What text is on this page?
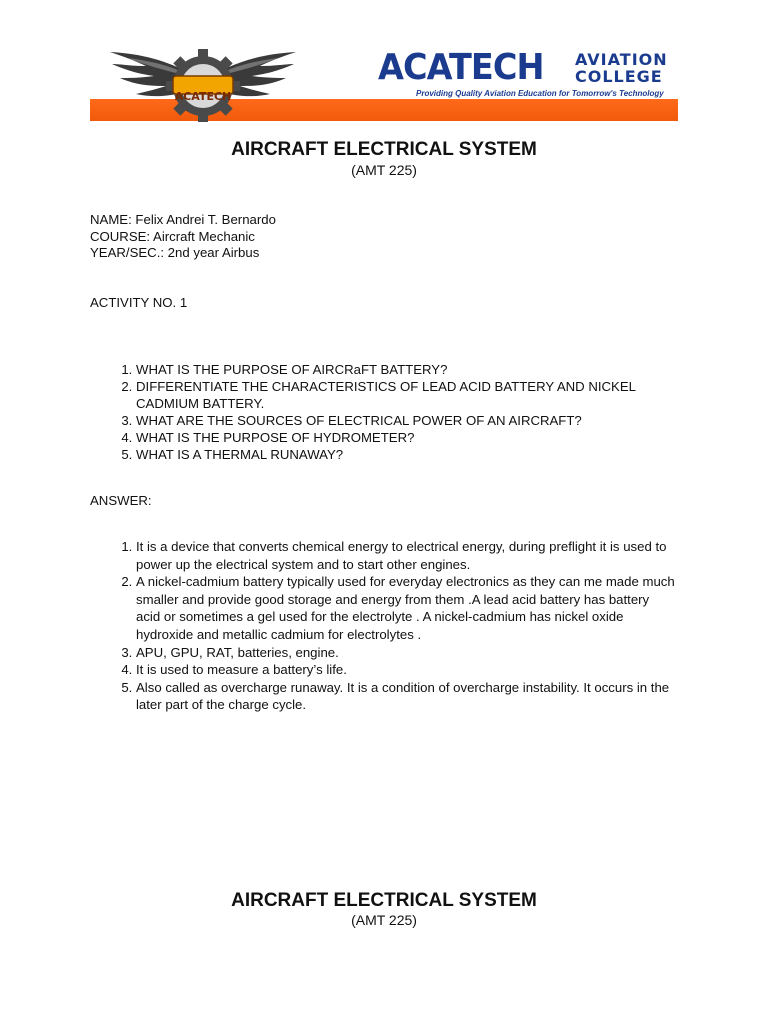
ACATECH
ACATECH AVIATION
COLLEGE
Providing Quality Aviation Education for Tomorrow's Technology
AIRCRAFT ELECTRICAL SYSTEM
(AMT 225)
NAME: Felix Andrei T. Bernardo
COURSE: Aircraft Mechanic
YEAR/SEC.: 2nd year Airbus
ACTIVITY NO. 1
1. WHAT IS THE PURPOSE OF AIRCRaFT BATTERY?
2. DIFFERENTIATE THE CHARACTERISTICS OF LEAD ACID BATTERY AND NICKEL CADMIUM BATTERY.
3. WHAT ARE THE SOURCES OF ELECTRICAL POWER OF AN AIRCRAFT?
4. WHAT IS THE PURPOSE OF HYDROMETER?
5. WHAT IS A THERMAL RUNAWAY?
ANSWER:
1. It is a device that converts chemical energy to electrical energy, during preflight it is used to power up the electrical system and to start other engines.
2. A nickel-cadmium battery typically used for everyday electronics as they can me made much smaller and provide good storage and energy from them .A lead acid battery has battery acid or sometimes a gel used for the electrolyte . A nickel-cadmium has nickel oxide hydroxide and metallic cadmium for electrolytes .
3. APU, GPU, RAT, batteries, engine.
4. It is used to measure a battery’s life.
5. Also called as overcharge runaway. It is a condition of overcharge instability. It occurs in the later part of the charge cycle.
AIRCRAFT ELECTRICAL SYSTEM
(AMT 225)
